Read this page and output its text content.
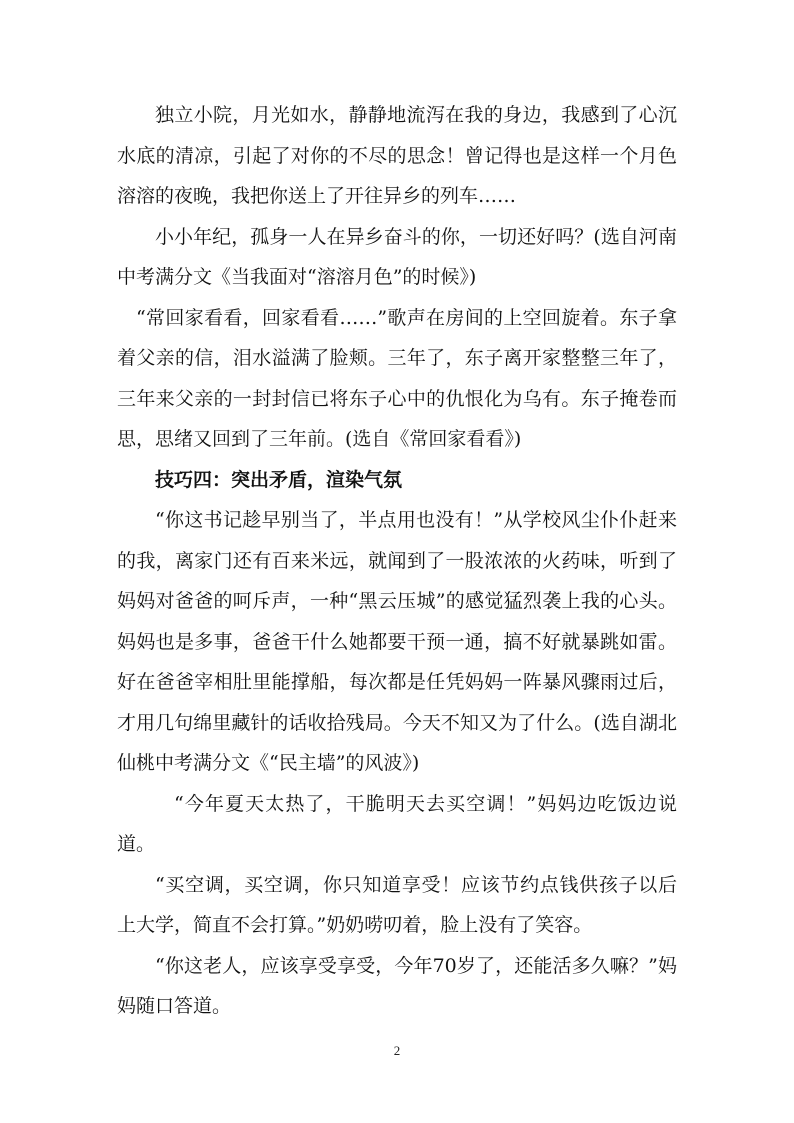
独立小院，月光如水，静静地流泻在我的身边，我感到了心沉水底的清凉，引起了对你的不尽的思念！曾记得也是这样一个月色溶溶的夜晚，我把你送上了开往异乡的列车……

小小年纪，孤身一人在异乡奋斗的你，一切还好吗？(选自河南中考满分文《当我面对“溶溶月色”的时候》)

“常回家看看，回家看看……”歌声在房间的上空回旋着。东子拿着父亲的信，泪水溢满了脸颊。三年了，东子离开家整整三年了，三年来父亲的一封封信已将东子心中的仇恨化为乌有。东子掩卷而思，思绪又回到了三年前。(选自《常回家看看》)

技巧四：突出矛盾，渲染气氛

“你这书记趁早别当了，半点用也没有！”从学校风尘仆仆赶来的我，离家门还有百来米远，就闻到了一股浓浓的火药味，听到了妈妈对爸爸的呵斥声，一种“黑云压城”的感觉猛烈袭上我的心头。妈妈也是多事，爸爸干什么她都要干预一通，搞不好就暴跳如雷。好在爸爸宰相肚里能撑船，每次都是任凭妈妈一阵暴风骤雨过后，才用几句绵里藏针的话收拾残局。今天不知又为了什么。(选自湖北仙桃中考满分文《“民主墙”的风波》)

“今年夏天太热了，干脆明天去买空调！”妈妈边吃饭边说道。

“买空调，买空调，你只知道享受！应该节约点钱供孩子以后上大学，简直不会打算。”奶奶唠叨着，脸上没有了笑容。

“你这老人，应该享受享受，今年70岁了，还能活多久嘛？”妈妈随口答道。

2
